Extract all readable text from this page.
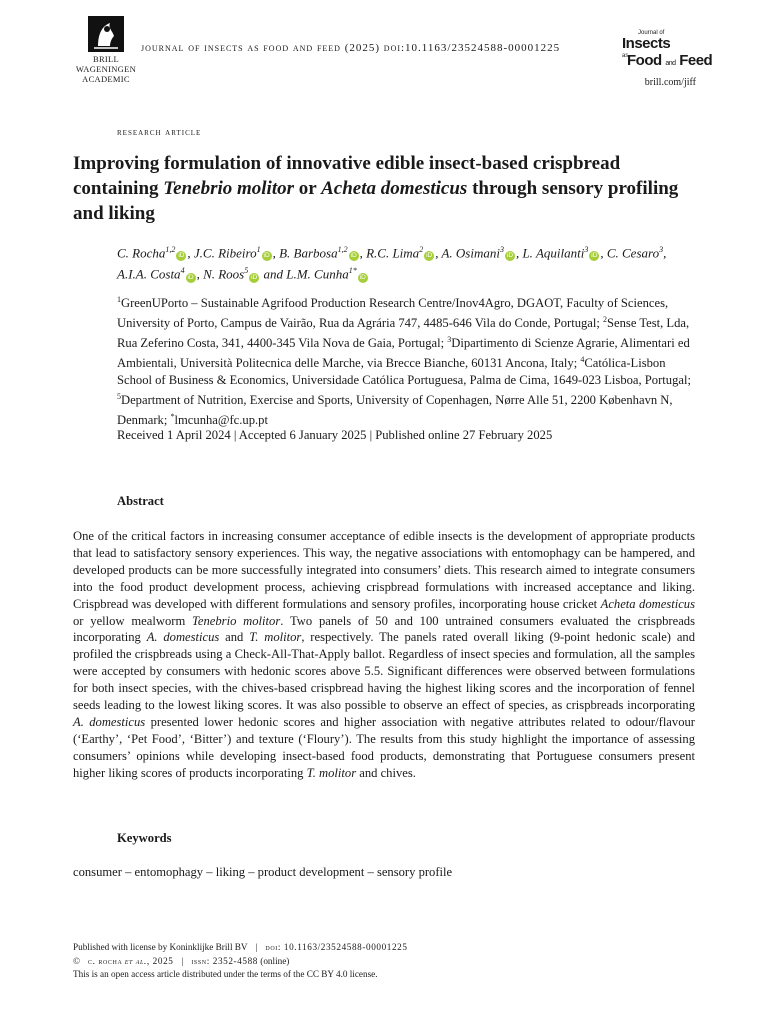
BRILL
WAGENINGEN
ACADEMIC
journal of insects as food and feed (2025) doi:10.1163/23524588-00001225
Journal of
Insects
as
Food and Feed
brill.com/jiff
research article
Improving formulation of innovative edible insect-based crispbread containing Tenebrio molitor or Acheta domesticus through sensory profiling and liking
C. Rocha$^{1,2}$iD , J.C. Ribeiro$^1$iD , B. Barbosa$^{1,2}$iD , R.C. Lima$^2$iD , A. Osimani$^3$iD , L. Aquilanti$^3$iD , C. Cesaro$^3$, A.I.A. Costa$^4$iD , N. Roos$^5$iD and L.M. Cunha$^{1*}$iD
$^1$GreenUPorto – Sustainable Agrifood Production Research Centre/Inov4Agro, DGAOT, Faculty of Sciences, University of Porto, Campus de Vairão, Rua da Agrária 747, 4485-646 Vila do Conde, Portugal; $^2$Sense Test, Lda, Rua Zeferino Costa, 341, 4400-345 Vila Nova de Gaia, Portugal; $^3$Dipartimento di Scienze Agrarie, Alimentari ed Ambientali, Università Politecnica delle Marche, via Brecce Bianche, 60131 Ancona, Italy; $^4$Católica-Lisbon School of Business & Economics, Universidade Católica Portuguesa, Palma de Cima, 1649-023 Lisboa, Portugal; $^5$Department of Nutrition, Exercise and Sports, University of Copenhagen, Nørre Alle 51, 2200 København N, Denmark; *lmcunha@fc.up.pt
Received 1 April 2024 | Accepted 6 January 2025 | Published online 27 February 2025
Abstract
One of the critical factors in increasing consumer acceptance of edible insects is the development of appropriate products that lead to satisfactory sensory experiences. This way, the negative associations with entomophagy can be hampered, and developed products can be more successfully integrated into consumers’ diets. This research aimed to integrate consumers into the food product development process, achieving crispbread formulations with increased acceptance and liking. Crispbread was developed with different formulations and sensory profiles, incorporating house cricket Acheta domesticus or yellow mealworm Tenebrio molitor. Two panels of 50 and 100 untrained consumers evaluated the crispbreads incorporating A. domesticus and T. molitor, respectively. The panels rated overall liking (9-point hedonic scale) and profiled the crispbreads using a Check-All-That-Apply ballot. Regardless of insect species and formulation, all the samples were accepted by consumers with hedonic scores above 5.5. Significant differences were observed between formulations for both insect species, with the chives-based crispbread having the highest liking scores and the incorporation of fennel seeds leading to the lowest liking scores. It was also possible to observe an effect of species, as crispbreads incorporating A. domesticus presented lower hedonic scores and higher association with negative attributes related to odour/flavour (‘Earthy’, ‘Pet Food’, ‘Bitter’) and texture (‘Floury’). The results from this study highlight the importance of assessing consumers’ opinions while developing insect-based food products, demonstrating that Portuguese consumers present higher liking scores of products incorporating T. molitor and chives.
Keywords
consumer – entomophagy – liking – product development – sensory profile
Published with license by Koninklijke Brill BV | doi: 10.1163/23524588-00001225
© c. rocha et al., 2025 | issn: 2352-4588 (online)
This is an open access article distributed under the terms of the CC BY 4.0 license.
